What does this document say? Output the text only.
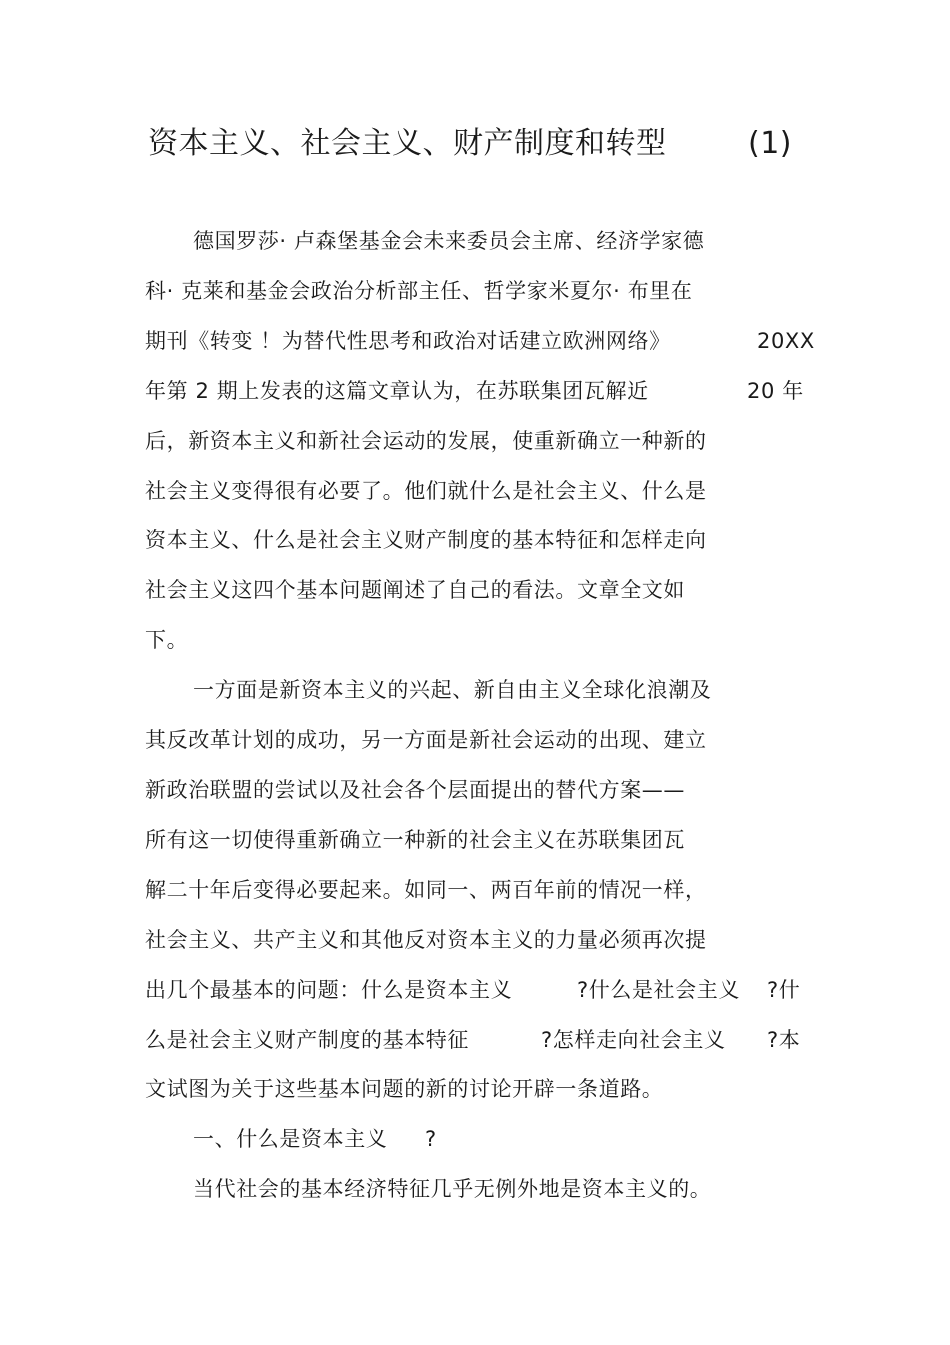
资本主义、社会主义、财产制度和转型	(1)
德国罗莎· 卢森堡基金会未来委员会主席、经济学家德
科· 克莱和基金会政治分析部主任、哲学家米夏尔· 布里在
期刊《转变 ！为替代性思考和政治对话建立欧洲网络》	20XX
年第 2 期上发表的这篇文章认为，在苏联集团瓦解近	20 年
后，新资本主义和新社会运动的发展，使重新确立一种新的
社会主义变得很有必要了。他们就什么是社会主义、什么是
资本主义、什么是社会主义财产制度的基本特征和怎样走向
社会主义这四个基本问题阐述了自己的看法。文章全文如
下。
一方面是新资本主义的兴起、新自由主义全球化浪潮及
其反改革计划的成功，另一方面是新社会运动的出现、建立
新政治联盟的尝试以及社会各个层面提出的替代方案——
所有这一切使得重新确立一种新的社会主义在苏联集团瓦
解二十年后变得必要起来。如同一、两百年前的情况一样，
社会主义、共产主义和其他反对资本主义的力量必须再次提
出几个最基本的问题：什么是资本主义	?什么是社会主义 ?什
么是社会主义财产制度的基本特征	?怎样走向社会主义 ?本
文试图为关于这些基本问题的新的讨论开辟一条道路。
一、什么是资本主义 ?
当代社会的基本经济特征几乎无例外地是资本主义的。
